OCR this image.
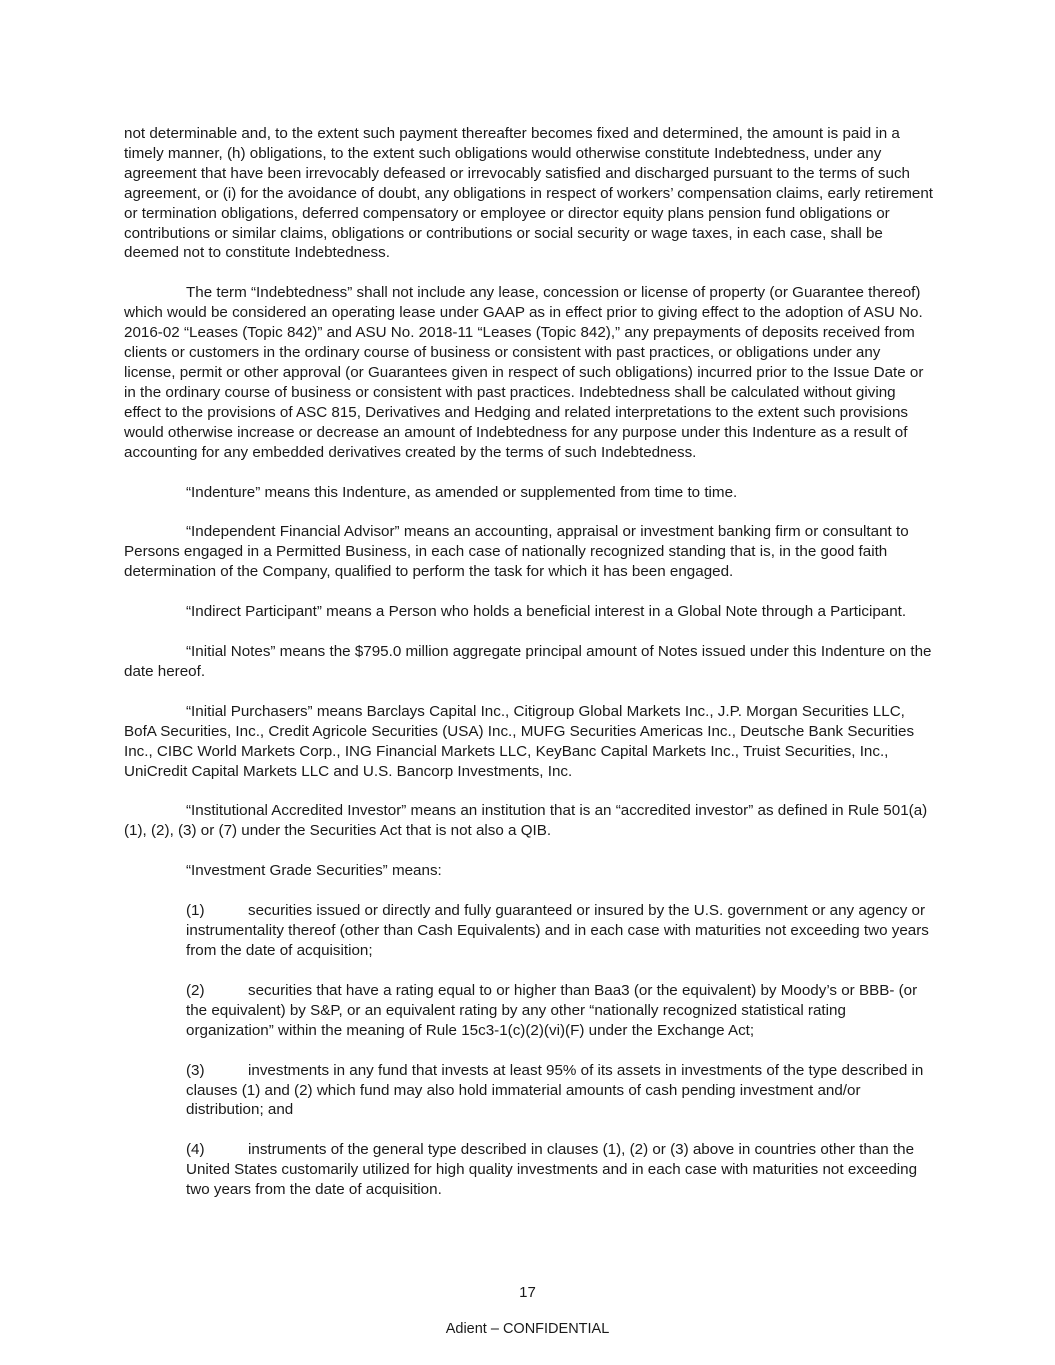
not determinable and, to the extent such payment thereafter becomes fixed and determined, the amount is paid in a timely manner, (h) obligations, to the extent such obligations would otherwise constitute Indebtedness, under any agreement that have been irrevocably defeased or irrevocably satisfied and discharged pursuant to the terms of such agreement, or (i) for the avoidance of doubt, any obligations in respect of workers’ compensation claims, early retirement or termination obligations, deferred compensatory or employee or director equity plans pension fund obligations or contributions or similar claims, obligations or contributions or social security or wage taxes, in each case, shall be deemed not to constitute Indebtedness.

The term “Indebtedness” shall not include any lease, concession or license of property (or Guarantee thereof) which would be considered an operating lease under GAAP as in effect prior to giving effect to the adoption of ASU No. 2016-02 “Leases (Topic 842)” and ASU No. 2018-11 “Leases (Topic 842),” any prepayments of deposits received from clients or customers in the ordinary course of business or consistent with past practices, or obligations under any license, permit or other approval (or Guarantees given in respect of such obligations) incurred prior to the Issue Date or in the ordinary course of business or consistent with past practices. Indebtedness shall be calculated without giving effect to the provisions of ASC 815, Derivatives and Hedging and related interpretations to the extent such provisions would otherwise increase or decrease an amount of Indebtedness for any purpose under this Indenture as a result of accounting for any embedded derivatives created by the terms of such Indebtedness.

“Indenture” means this Indenture, as amended or supplemented from time to time.

“Independent Financial Advisor” means an accounting, appraisal or investment banking firm or consultant to Persons engaged in a Permitted Business, in each case of nationally recognized standing that is, in the good faith determination of the Company, qualified to perform the task for which it has been engaged.

“Indirect Participant” means a Person who holds a beneficial interest in a Global Note through a Participant.

“Initial Notes” means the $795.0 million aggregate principal amount of Notes issued under this Indenture on the date hereof.

“Initial Purchasers” means Barclays Capital Inc., Citigroup Global Markets Inc., J.P. Morgan Securities LLC, BofA Securities, Inc., Credit Agricole Securities (USA) Inc., MUFG Securities Americas Inc., Deutsche Bank Securities Inc., CIBC World Markets Corp., ING Financial Markets LLC, KeyBanc Capital Markets Inc., Truist Securities, Inc., UniCredit Capital Markets LLC and U.S. Bancorp Investments, Inc.

“Institutional Accredited Investor” means an institution that is an “accredited investor” as defined in Rule 501(a)(1), (2), (3) or (7) under the Securities Act that is not also a QIB.

“Investment Grade Securities” means:

(1)	securities issued or directly and fully guaranteed or insured by the U.S. government or any agency or instrumentality thereof (other than Cash Equivalents) and in each case with maturities not exceeding two years from the date of acquisition;
(2)	securities that have a rating equal to or higher than Baa3 (or the equivalent) by Moody’s or BBB- (or the equivalent) by S&P, or an equivalent rating by any other “nationally recognized statistical rating organization” within the meaning of Rule 15c3-1(c)(2)(vi)(F) under the Exchange Act;
(3)	investments in any fund that invests at least 95% of its assets in investments of the type described in clauses (1) and (2) which fund may also hold immaterial amounts of cash pending investment and/or distribution; and
(4)	instruments of the general type described in clauses (1), (2) or (3) above in countries other than the United States customarily utilized for high quality investments and in each case with maturities not exceeding two years from the date of acquisition.
17
Adient – CONFIDENTIAL
